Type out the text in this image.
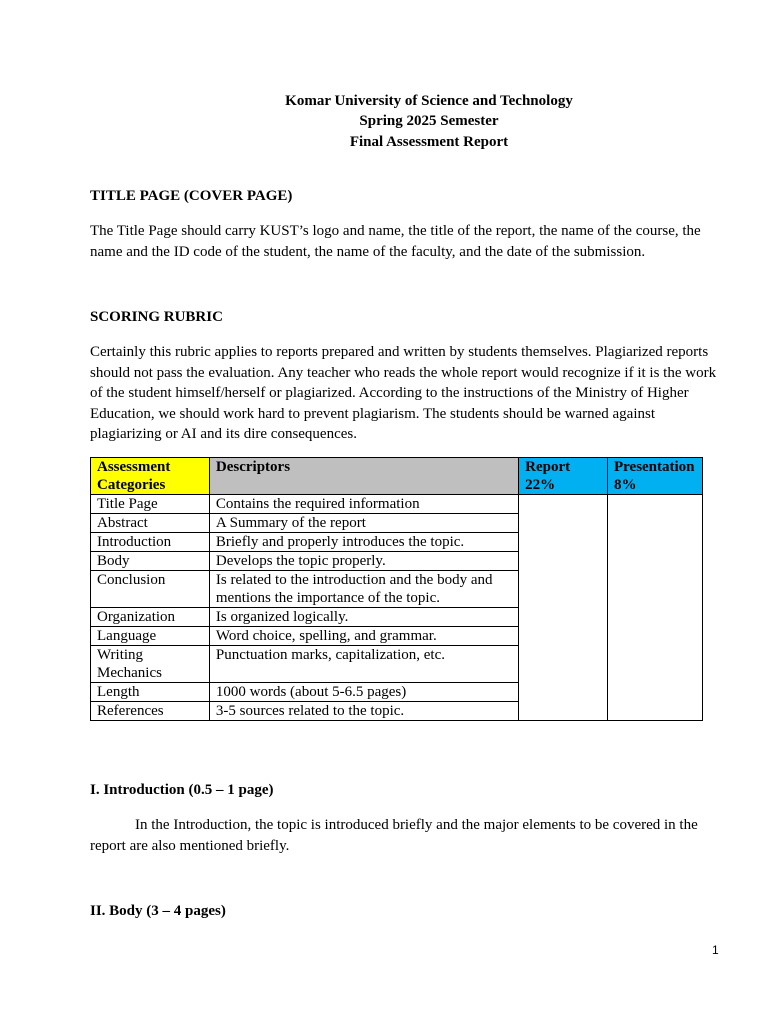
Komar University of Science and Technology
Spring 2025 Semester
Final Assessment Report
TITLE PAGE (COVER PAGE)
The Title Page should carry KUST’s logo and name, the title of the report, the name of the course, the name and the ID code of the student, the name of the faculty, and the date of the submission.
SCORING RUBRIC
Certainly this rubric applies to reports prepared and written by students themselves. Plagiarized reports should not pass the evaluation. Any teacher who reads the whole report would recognize if it is the work of the student himself/herself or plagiarized. According to the instructions of the Ministry of Higher Education, we should work hard to prevent plagiarism. The students should be warned against plagiarizing or AI and its dire consequences.
Assessment Categories	Descriptors	Report 22%	Presentation 8%
Title Page	Contains the required information		
Abstract	A Summary of the report		
Introduction	Briefly and properly introduces the topic.		
Body	Develops the topic properly.		
Conclusion	Is related to the introduction and the body and mentions the importance of the topic.		
Organization	Is organized logically.		
Language	Word choice, spelling, and grammar.		
Writing Mechanics	Punctuation marks, capitalization, etc.		
Length	1000 words (about 5-6.5 pages)		
References	3-5 sources related to the topic.		
I. Introduction (0.5 – 1 page)
In the Introduction, the topic is introduced briefly and the major elements to be covered in the report are also mentioned briefly.
II. Body (3 – 4 pages)
1
